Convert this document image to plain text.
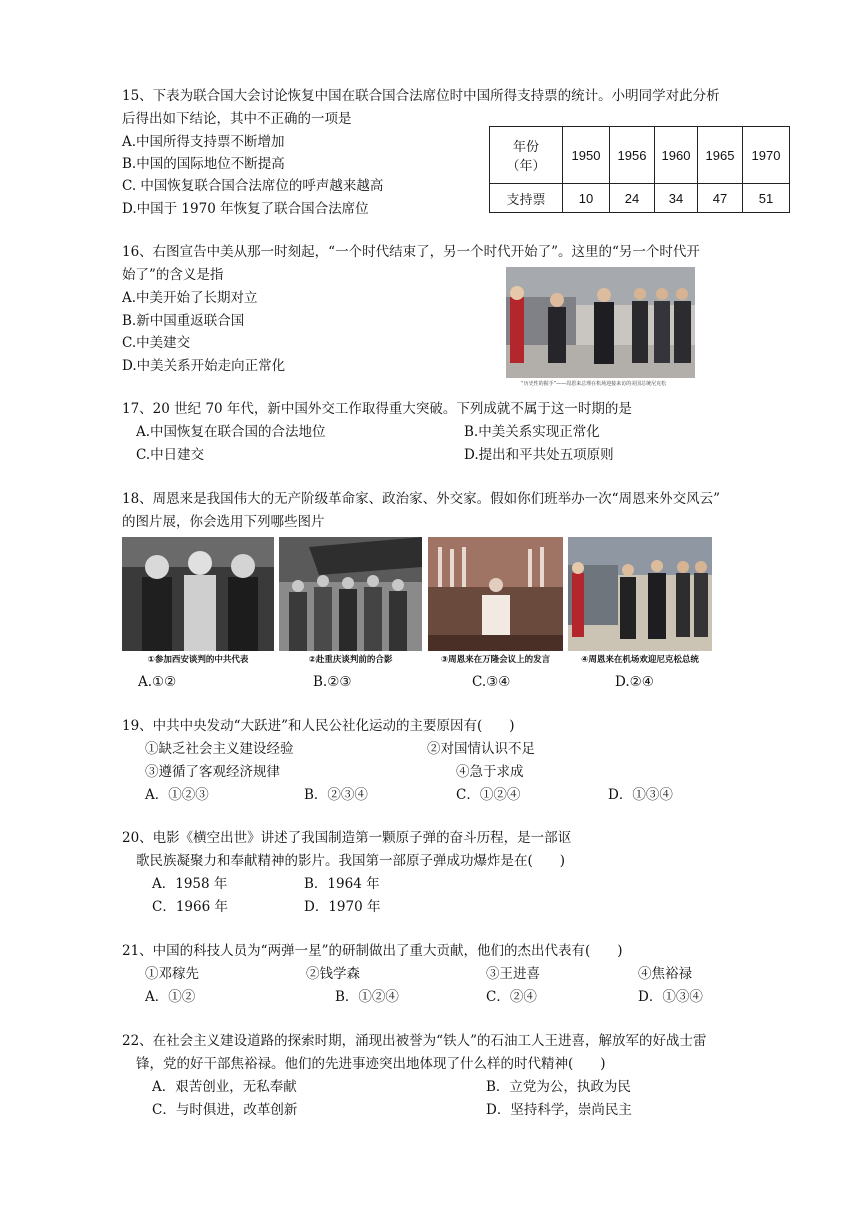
15、下表为联合国大会讨论恢复中国在联合国合法席位时中国所得支持票的统计。小明同学对此分析
后得出如下结论，其中不正确的一项是
A.中国所得支持票不断增加
B.中国的国际地位不断提高
C. 中国恢复联合国合法席位的呼声越来越高
D.中国于 1970 年恢复了联合国合法席位
年份
（年）	1950	1956	1960	1965	1970
支持票	10	24	34	47	51
16、右图宣告中美从那一时刻起，“一个时代结束了，另一个时代开始了”。这里的“另一个时代开
始了”的含义是指
A.中美开始了长期对立
B.新中国重返联合国
C.中美建交
D.中美关系开始走向正常化
“历史性的握手”——周恩来总理在机场迎接来访的美国总统尼克松
17、20 世纪 70 年代，新中国外交工作取得重大突破。下列成就不属于这一时期的是
A.中国恢复在联合国的合法地位	B.中美关系实现正常化
C.中日建交	D.提出和平共处五项原则
18、周恩来是我国伟大的无产阶级革命家、政治家、外交家。假如你们班举办一次“周恩来外交风云”
的图片展，你会选用下列哪些图片
①参加西安谈判的中共代表	②赴重庆谈判前的合影	③周恩来在万隆会议上的发言	④周恩来在机场欢迎尼克松总统
A.①②	B.②③	C.③④	D.②④
19、中共中央发动“大跃进”和人民公社化运动的主要原因有(　　)
①缺乏社会主义建设经验	②对国情认识不足
③遵循了客观经济规律	④急于求成
A．①②③	B．②③④	C．①②④	D．①③④
20、电影《横空出世》讲述了我国制造第一颗原子弹的奋斗历程，是一部讴
歌民族凝聚力和奉献精神的影片。我国第一部原子弹成功爆炸是在(　　)
A．1958 年	B．1964 年
C．1966 年	D．1970 年
21、中国的科技人员为“两弹一星”的研制做出了重大贡献，他们的杰出代表有(　　)
①邓稼先	②钱学森	③王进喜	④焦裕禄
A．①②	B．①②④	C．②④	D．①③④
22、在社会主义建设道路的探索时期，涌现出被誉为“铁人”的石油工人王进喜，解放军的好战士雷
锋，党的好干部焦裕禄。他们的先进事迹突出地体现了什么样的时代精神(　　)
A．艰苦创业，无私奉献	B．立党为公，执政为民
C．与时俱进，改革创新	D．坚持科学，崇尚民主
